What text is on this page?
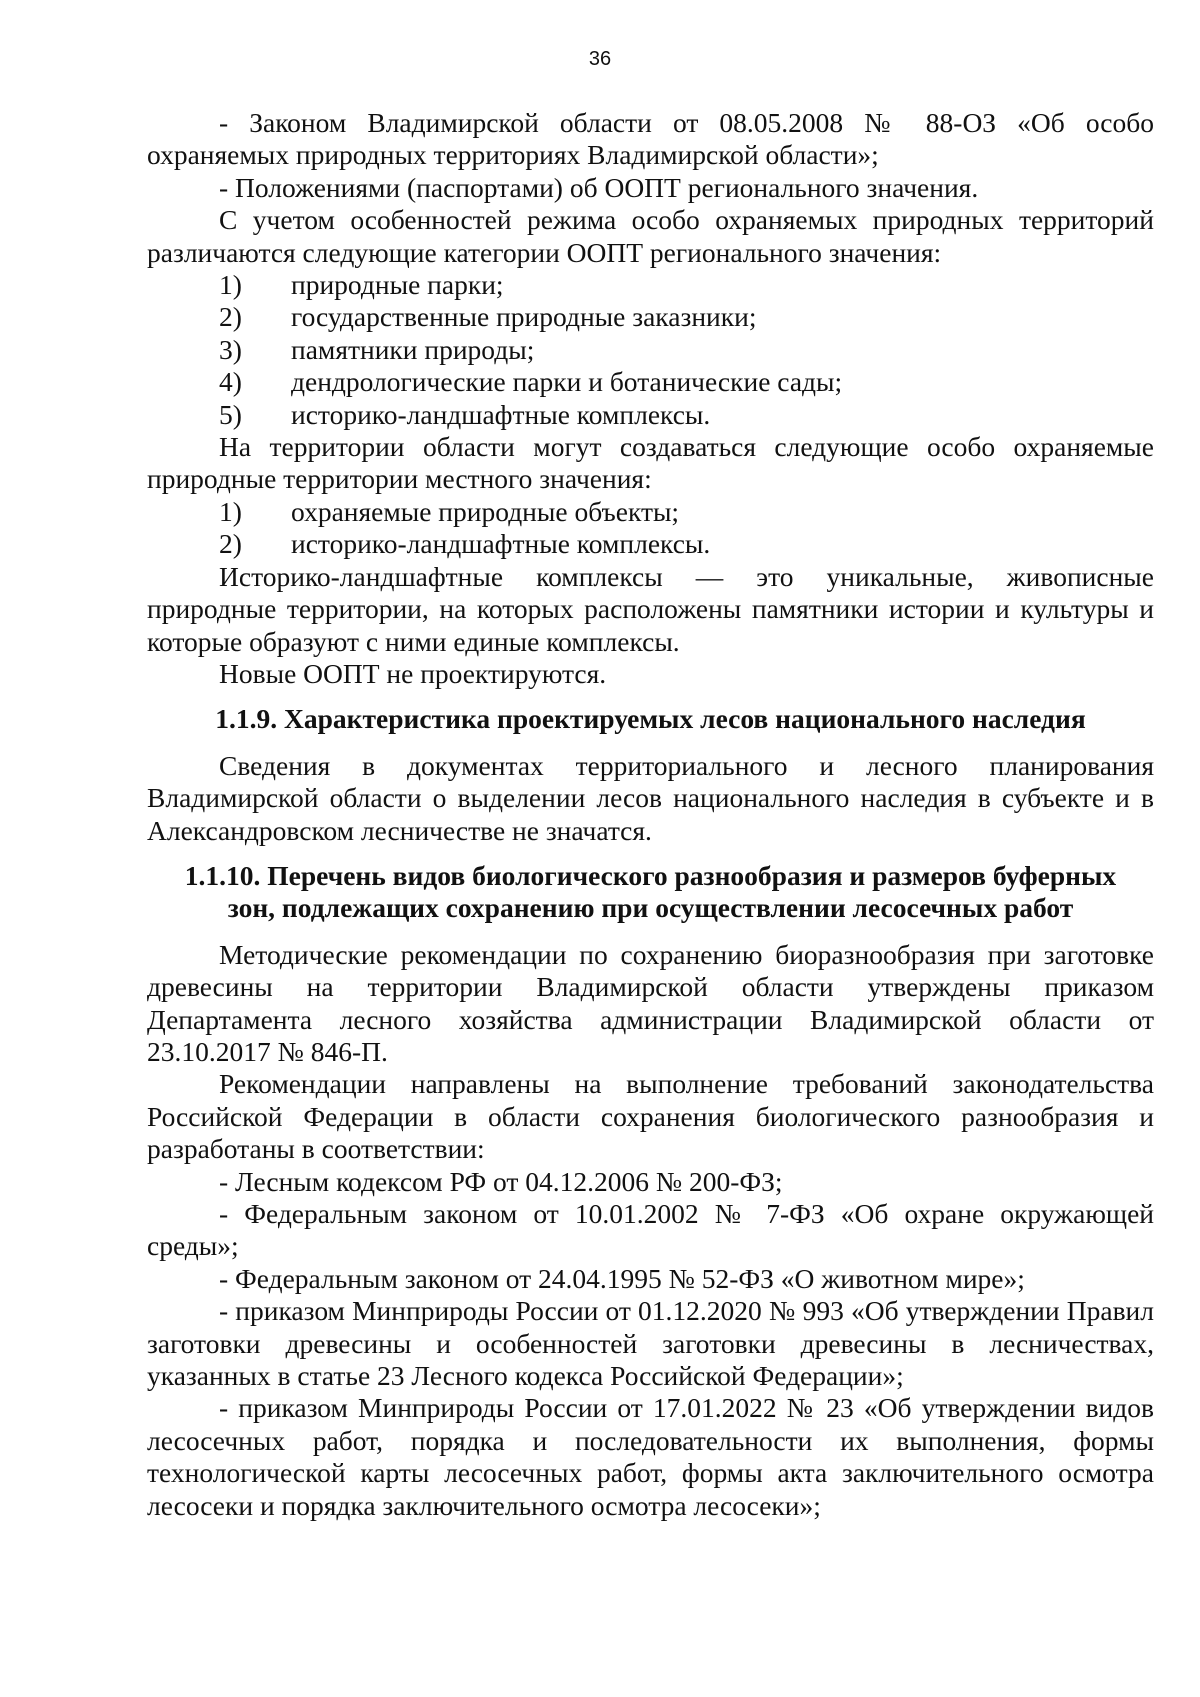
36

- Законом Владимирской области от 08.05.2008 № 88-ОЗ «Об особо охраняемых природных территориях Владимирской области»;

- Положениями (паспортами) об ООПТ регионального значения.

С учетом особенностей режима особо охраняемых природных территорий различаются следующие категории ООПТ регионального значения:

1)	природные парки;
2)	государственные природные заказники;
3)	памятники природы;
4)	дендрологические парки и ботанические сады;
5)	историко-ландшафтные комплексы.

На территории области могут создаваться следующие особо охраняемые природные территории местного значения:

1)	охраняемые природные объекты;
2)	историко-ландшафтные комплексы.

Историко-ландшафтные комплексы — это уникальные, живописные природные территории, на которых расположены памятники истории и культуры и которые образуют с ними единые комплексы.

Новые ООПТ не проектируются.

1.1.9. Характеристика проектируемых лесов национального наследия

Сведения в документах территориального и лесного планирования Владимирской области о выделении лесов национального наследия в субъекте и в Александровском лесничестве не значатся.

1.1.10. Перечень видов биологического разнообразия и размеров буферных
зон, подлежащих сохранению при осуществлении лесосечных работ

Методические рекомендации по сохранению биоразнообразия при заготовке древесины на территории Владимирской области утверждены приказом Департамента лесного хозяйства администрации Владимирской области от 23.10.2017 № 846-П.

Рекомендации направлены на выполнение требований законодательства Российской Федерации в области сохранения биологического разнообразия и разработаны в соответствии:

- Лесным кодексом РФ от 04.12.2006 № 200-ФЗ;

- Федеральным законом от 10.01.2002 № 7-ФЗ «Об охране окружающей среды»;

- Федеральным законом от 24.04.1995 № 52-ФЗ «О животном мире»;

- приказом Минприроды России от 01.12.2020 № 993 «Об утверждении Правил заготовки древесины и особенностей заготовки древесины в лесничествах, указанных в статье 23 Лесного кодекса Российской Федерации»;

- приказом Минприроды России от 17.01.2022 № 23 «Об утверждении видов лесосечных работ, порядка и последовательности их выполнения, формы технологической карты лесосечных работ, формы акта заключительного осмотра лесосеки и порядка заключительного осмотра лесосеки»;
